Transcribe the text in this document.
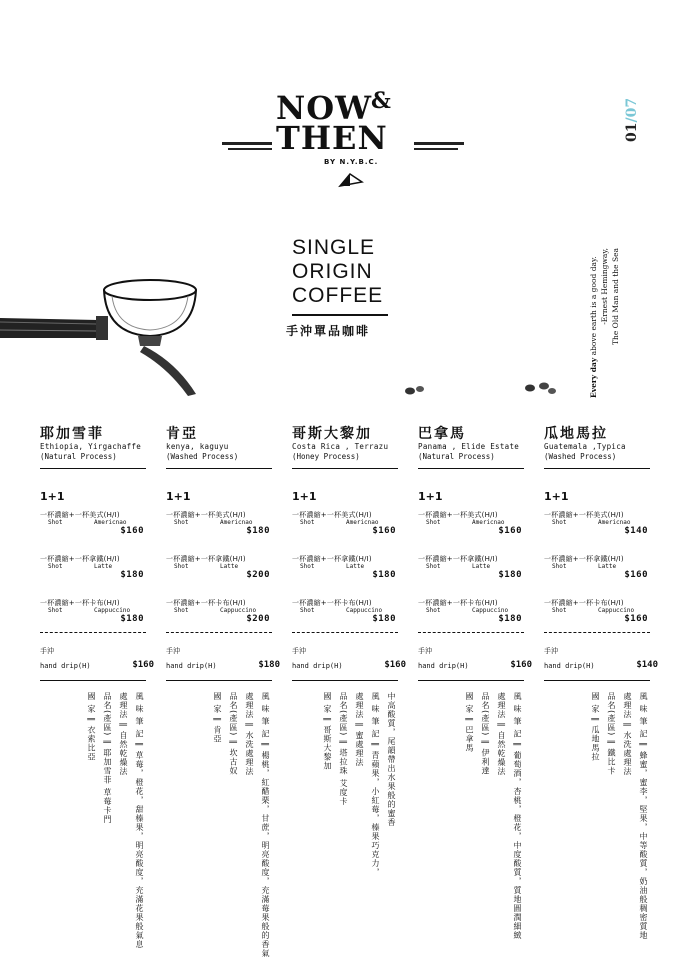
NOW
&
THEN
BY N.Y.B.C.
01/07
SINGLE
ORIGIN
COFFEE
手沖單品咖啡
Every day above earth is a good day. -Ernest Hemingway, The Old Man and the Sea
耶加雪菲
Ethiopia, Yirgachaffe
(Natural Process)
1+1
一杯濃縮+一杯美式(H/I)
Shot	Americnao
$160
一杯濃縮+一杯拿鐵(H/I)
Shot	Latte
$180
一杯濃縮+一杯卡布(H/I)
Shot	Cappuccino
$180
手沖
hand drip(H)	$160
風 味 筆 記 ∥ 草莓，橙花，甜榛果，明亮酸度，充滿花果般氣息
處理法 ∥ 自然乾燥法
品名(產區) ∥ 耶加雪菲 草莓卡門
國 家 ∥ 衣索比亞
肯亞
kenya, kaguyu
(Washed Process)
1+1
一杯濃縮+一杯美式(H/I)
Shot	Americnao
$180
一杯濃縮+一杯拿鐵(H/I)
Shot	Latte
$200
一杯濃縮+一杯卡布(H/I)
Shot	Cappuccino
$200
手沖
hand drip(H)	$180
風 味 筆 記 ∥ 楊桃，紅醋栗，甘蔗，明亮酸度，充滿莓果般的香氣
處理法 ∥ 水洗處理法
品名(產區) ∥ 坎古奴
國 家 ∥ 肯亞
哥斯大黎加
Costa Rica , Terrazu
(Honey Process)
1+1
一杯濃縮+一杯美式(H/I)
Shot	Americnao
$160
一杯濃縮+一杯拿鐵(H/I)
Shot	Latte
$180
一杯濃縮+一杯卡布(H/I)
Shot	Cappuccino
$180
手沖
hand drip(H)	$160
中高酸質，尾韻帶出水果般的蜜香
風 味 筆 記 ∥ 青蘋果，小紅莓，榛果巧克力，
處理法 ∥ 蜜處理法
品名(產區) ∥ 塔拉珠 艾度卡
國 家 ∥ 哥斯大黎加
巴拿馬
Panama , Elide Estate
(Natural Process)
1+1
一杯濃縮+一杯美式(H/I)
Shot	Americnao
$160
一杯濃縮+一杯拿鐵(H/I)
Shot	Latte
$180
一杯濃縮+一杯卡布(H/I)
Shot	Cappuccino
$180
手沖
hand drip(H)	$160
風 味 筆 記 ∥ 葡萄酒，杏桃，橙花，中度酸質，質地圓潤細緻
處理法 ∥ 自然乾燥法
品名(產區) ∥ 伊利達
國 家 ∥ 巴拿馬
瓜地馬拉
Guatemala ,Typica
(Washed Process)
1+1
一杯濃縮+一杯美式(H/I)
Shot	Americnao
$140
一杯濃縮+一杯拿鐵(H/I)
Shot	Latte
$160
一杯濃縮+一杯卡布(H/I)
Shot	Cappuccino
$160
手沖
hand drip(H)	$140
風 味 筆 記 ∥ 蜂蜜，蜜李，堅果，中等酸質，奶油般稠密質地
處理法 ∥ 水洗處理法
品名(產區) ∥ 鐵比卡
國 家 ∥ 瓜地馬拉
